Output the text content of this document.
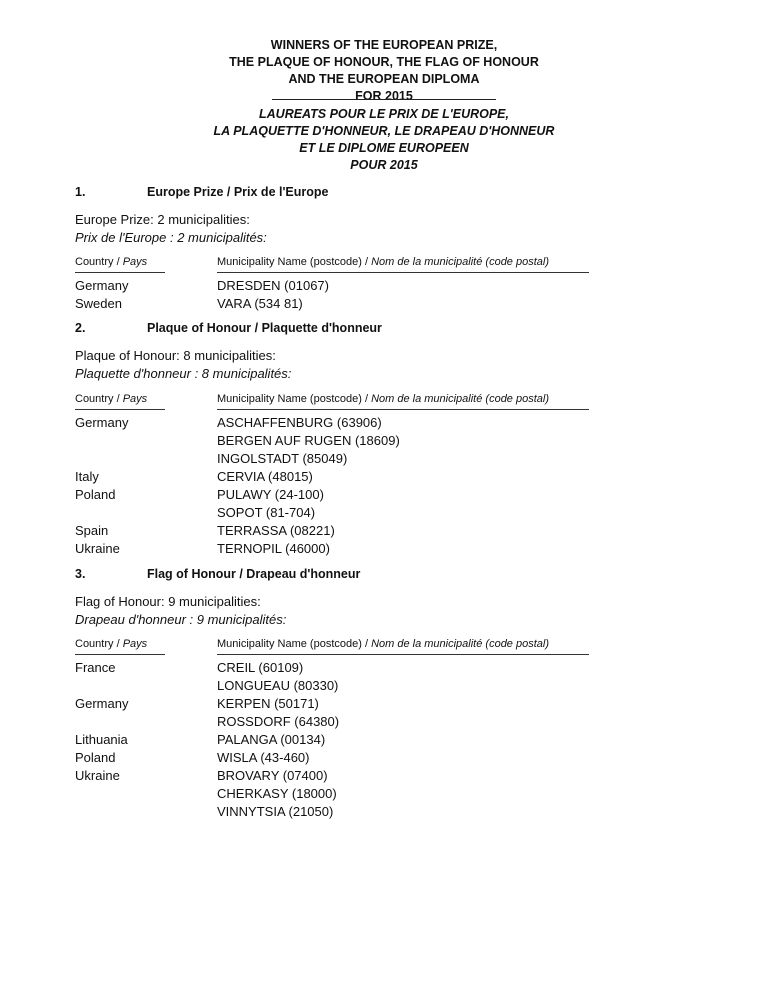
WINNERS OF THE EUROPEAN PRIZE,
THE PLAQUE OF HONOUR, THE FLAG OF HONOUR
AND THE EUROPEAN DIPLOMA
FOR 2015
LAUREATS POUR LE PRIX DE L'EUROPE,
LA PLAQUETTE D'HONNEUR, LE DRAPEAU D'HONNEUR
ET LE DIPLOME EUROPEEN
POUR 2015
1.	Europe Prize / Prix de l'Europe
Europe Prize: 2 municipalities:
Prix de l'Europe : 2 municipalités:
Country / Pays	Municipality Name (postcode) / Nom de la municipalité (code postal)
Germany	DRESDEN (01067)
Sweden	VARA (534 81)
2.	Plaque of Honour / Plaquette d'honneur
Plaque of Honour: 8 municipalities:
Plaquette d'honneur : 8 municipalités:
Country / Pays	Municipality Name (postcode) / Nom de la municipalité (code postal)
Germany	ASCHAFFENBURG (63906)
BERGEN AUF RUGEN (18609)
INGOLSTADT (85049)
Italy	CERVIA (48015)
Poland	PULAWY (24-100)
SOPOT (81-704)
Spain	TERRASSA (08221)
Ukraine	TERNOPIL (46000)
3.	Flag of Honour / Drapeau d'honneur
Flag of Honour: 9 municipalities:
Drapeau d'honneur : 9 municipalités:
Country / Pays	Municipality Name (postcode) / Nom de la municipalité (code postal)
France	CREIL (60109)
LONGUEAU (80330)
Germany	KERPEN (50171)
ROSSDORF (64380)
Lithuania	PALANGA (00134)
Poland	WISLA (43-460)
Ukraine	BROVARY (07400)
CHERKASY (18000)
VINNYTSIA (21050)
